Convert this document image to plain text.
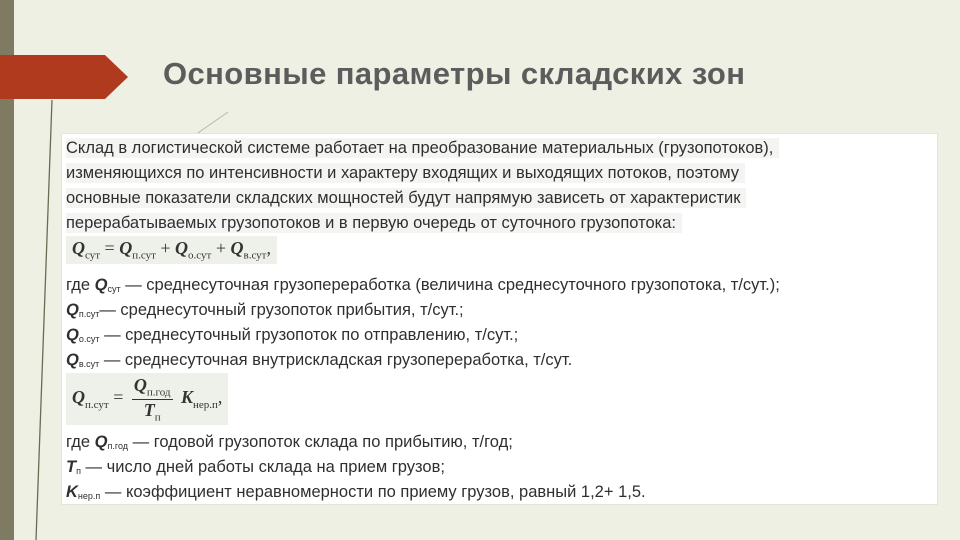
Основные параметры складских зон
Склад в логистической системе работает на преобразование материальных (грузопотоков),
изменяющихся по интенсивности и характеру входящих и выходящих потоков, поэтому
основные показатели складских мощностей будут напрямую зависеть от характеристик
перерабатываемых грузопотоков и в первую очередь от суточного грузопотока:
$Q_{сут} = Q_{п.сут} + Q_{о.сут} + Q_{в.сут}$,
где $Q_{сут}$ — среднесуточная грузопереработка (величина среднесуточного грузопотока, т/сут.);
$Q_{п.сут}—$ среднесуточный грузопоток прибытия, т/сут.;
$Q_{о.сут}$ — среднесуточный грузопоток по отправлению, т/сут.;
$Q_{в.сут}$ — среднесуточная внутрискладская грузопереработка, т/сут.
$Q_{п.сут} = \frac{Q_{п.год}}{T_п} K_{нер.п}$,
где $Q_{п.год}$ — годовой грузопоток склада по прибытию, т/год;
$T_п$ — число дней работы склада на прием грузов;
$K_{нер.п}$ — коэффициент неравномерности по приему грузов, равный 1,2+ 1,5.
